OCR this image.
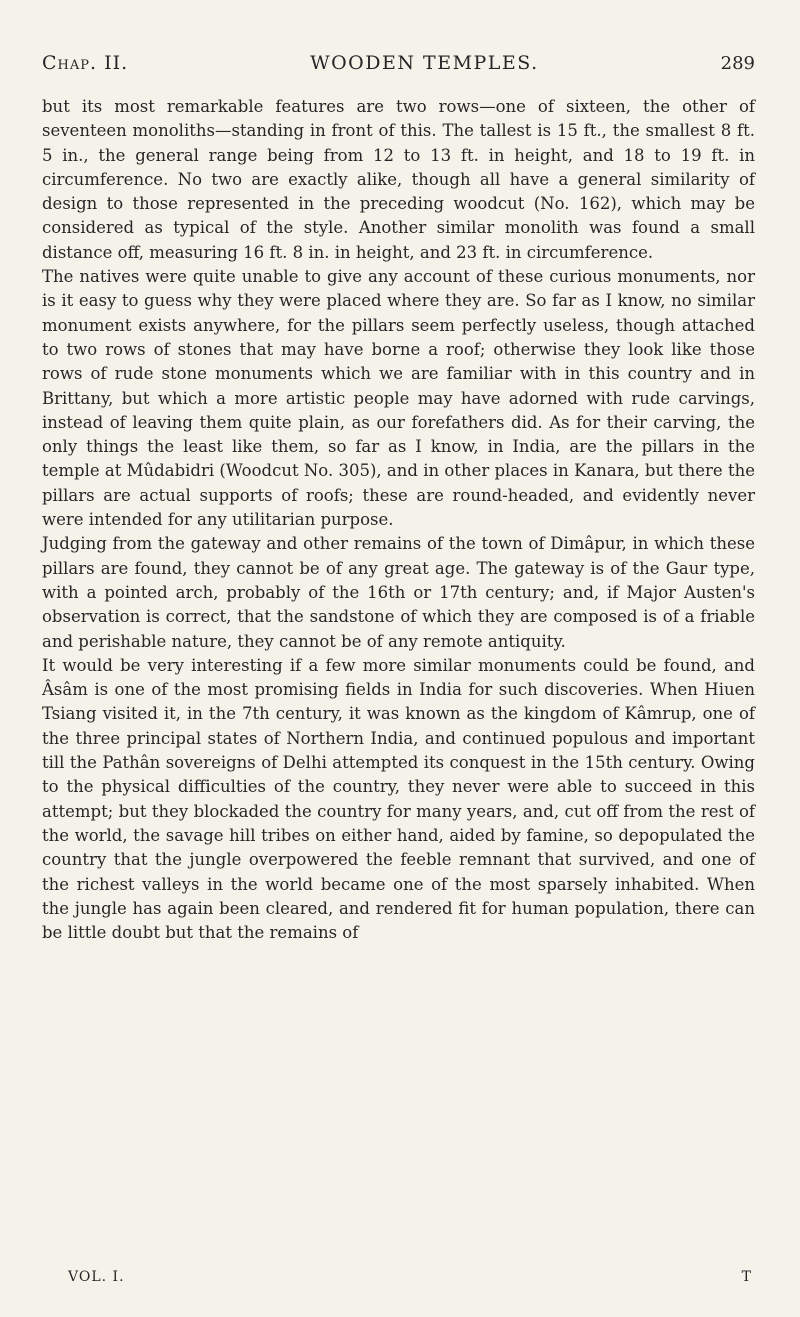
Chap. II.	WOODEN TEMPLES.	289

but its most remarkable features are two rows—one of sixteen, the other of seventeen monoliths—standing in front of this. The tallest is 15 ft., the smallest 8 ft. 5 in., the general range being from 12 to 13 ft. in height, and 18 to 19 ft. in circumference. No two are exactly alike, though all have a general similarity of design to those represented in the preceding woodcut (No. 162), which may be considered as typical of the style. Another similar monolith was found a small distance off, measuring 16 ft. 8 in. in height, and 23 ft. in circumference.

The natives were quite unable to give any account of these curious monuments, nor is it easy to guess why they were placed where they are. So far as I know, no similar monument exists anywhere, for the pillars seem perfectly useless, though attached to two rows of stones that may have borne a roof; otherwise they look like those rows of rude stone monuments which we are familiar with in this country and in Brittany, but which a more artistic people may have adorned with rude carvings, instead of leaving them quite plain, as our forefathers did. As for their carving, the only things the least like them, so far as I know, in India, are the pillars in the temple at Mûdabidri (Woodcut No. 305), and in other places in Kanara, but there the pillars are actual supports of roofs; these are round-headed, and evidently never were intended for any utilitarian purpose.

Judging from the gateway and other remains of the town of Dimâpur, in which these pillars are found, they cannot be of any great age. The gateway is of the Gaur type, with a pointed arch, probably of the 16th or 17th century; and, if Major Austen's observation is correct, that the sandstone of which they are composed is of a friable and perishable nature, they cannot be of any remote antiquity.

It would be very interesting if a few more similar monuments could be found, and Âsâm is one of the most promising fields in India for such discoveries. When Hiuen Tsiang visited it, in the 7th century, it was known as the kingdom of Kâmrup, one of the three principal states of Northern India, and continued populous and important till the Pathân sovereigns of Delhi attempted its conquest in the 15th century. Owing to the physical difficulties of the country, they never were able to succeed in this attempt; but they blockaded the country for many years, and, cut off from the rest of the world, the savage hill tribes on either hand, aided by famine, so depopulated the country that the jungle overpowered the feeble remnant that survived, and one of the richest valleys in the world became one of the most sparsely inhabited. When the jungle has again been cleared, and rendered fit for human population, there can be little doubt but that the remains of

VOL. I.	T
